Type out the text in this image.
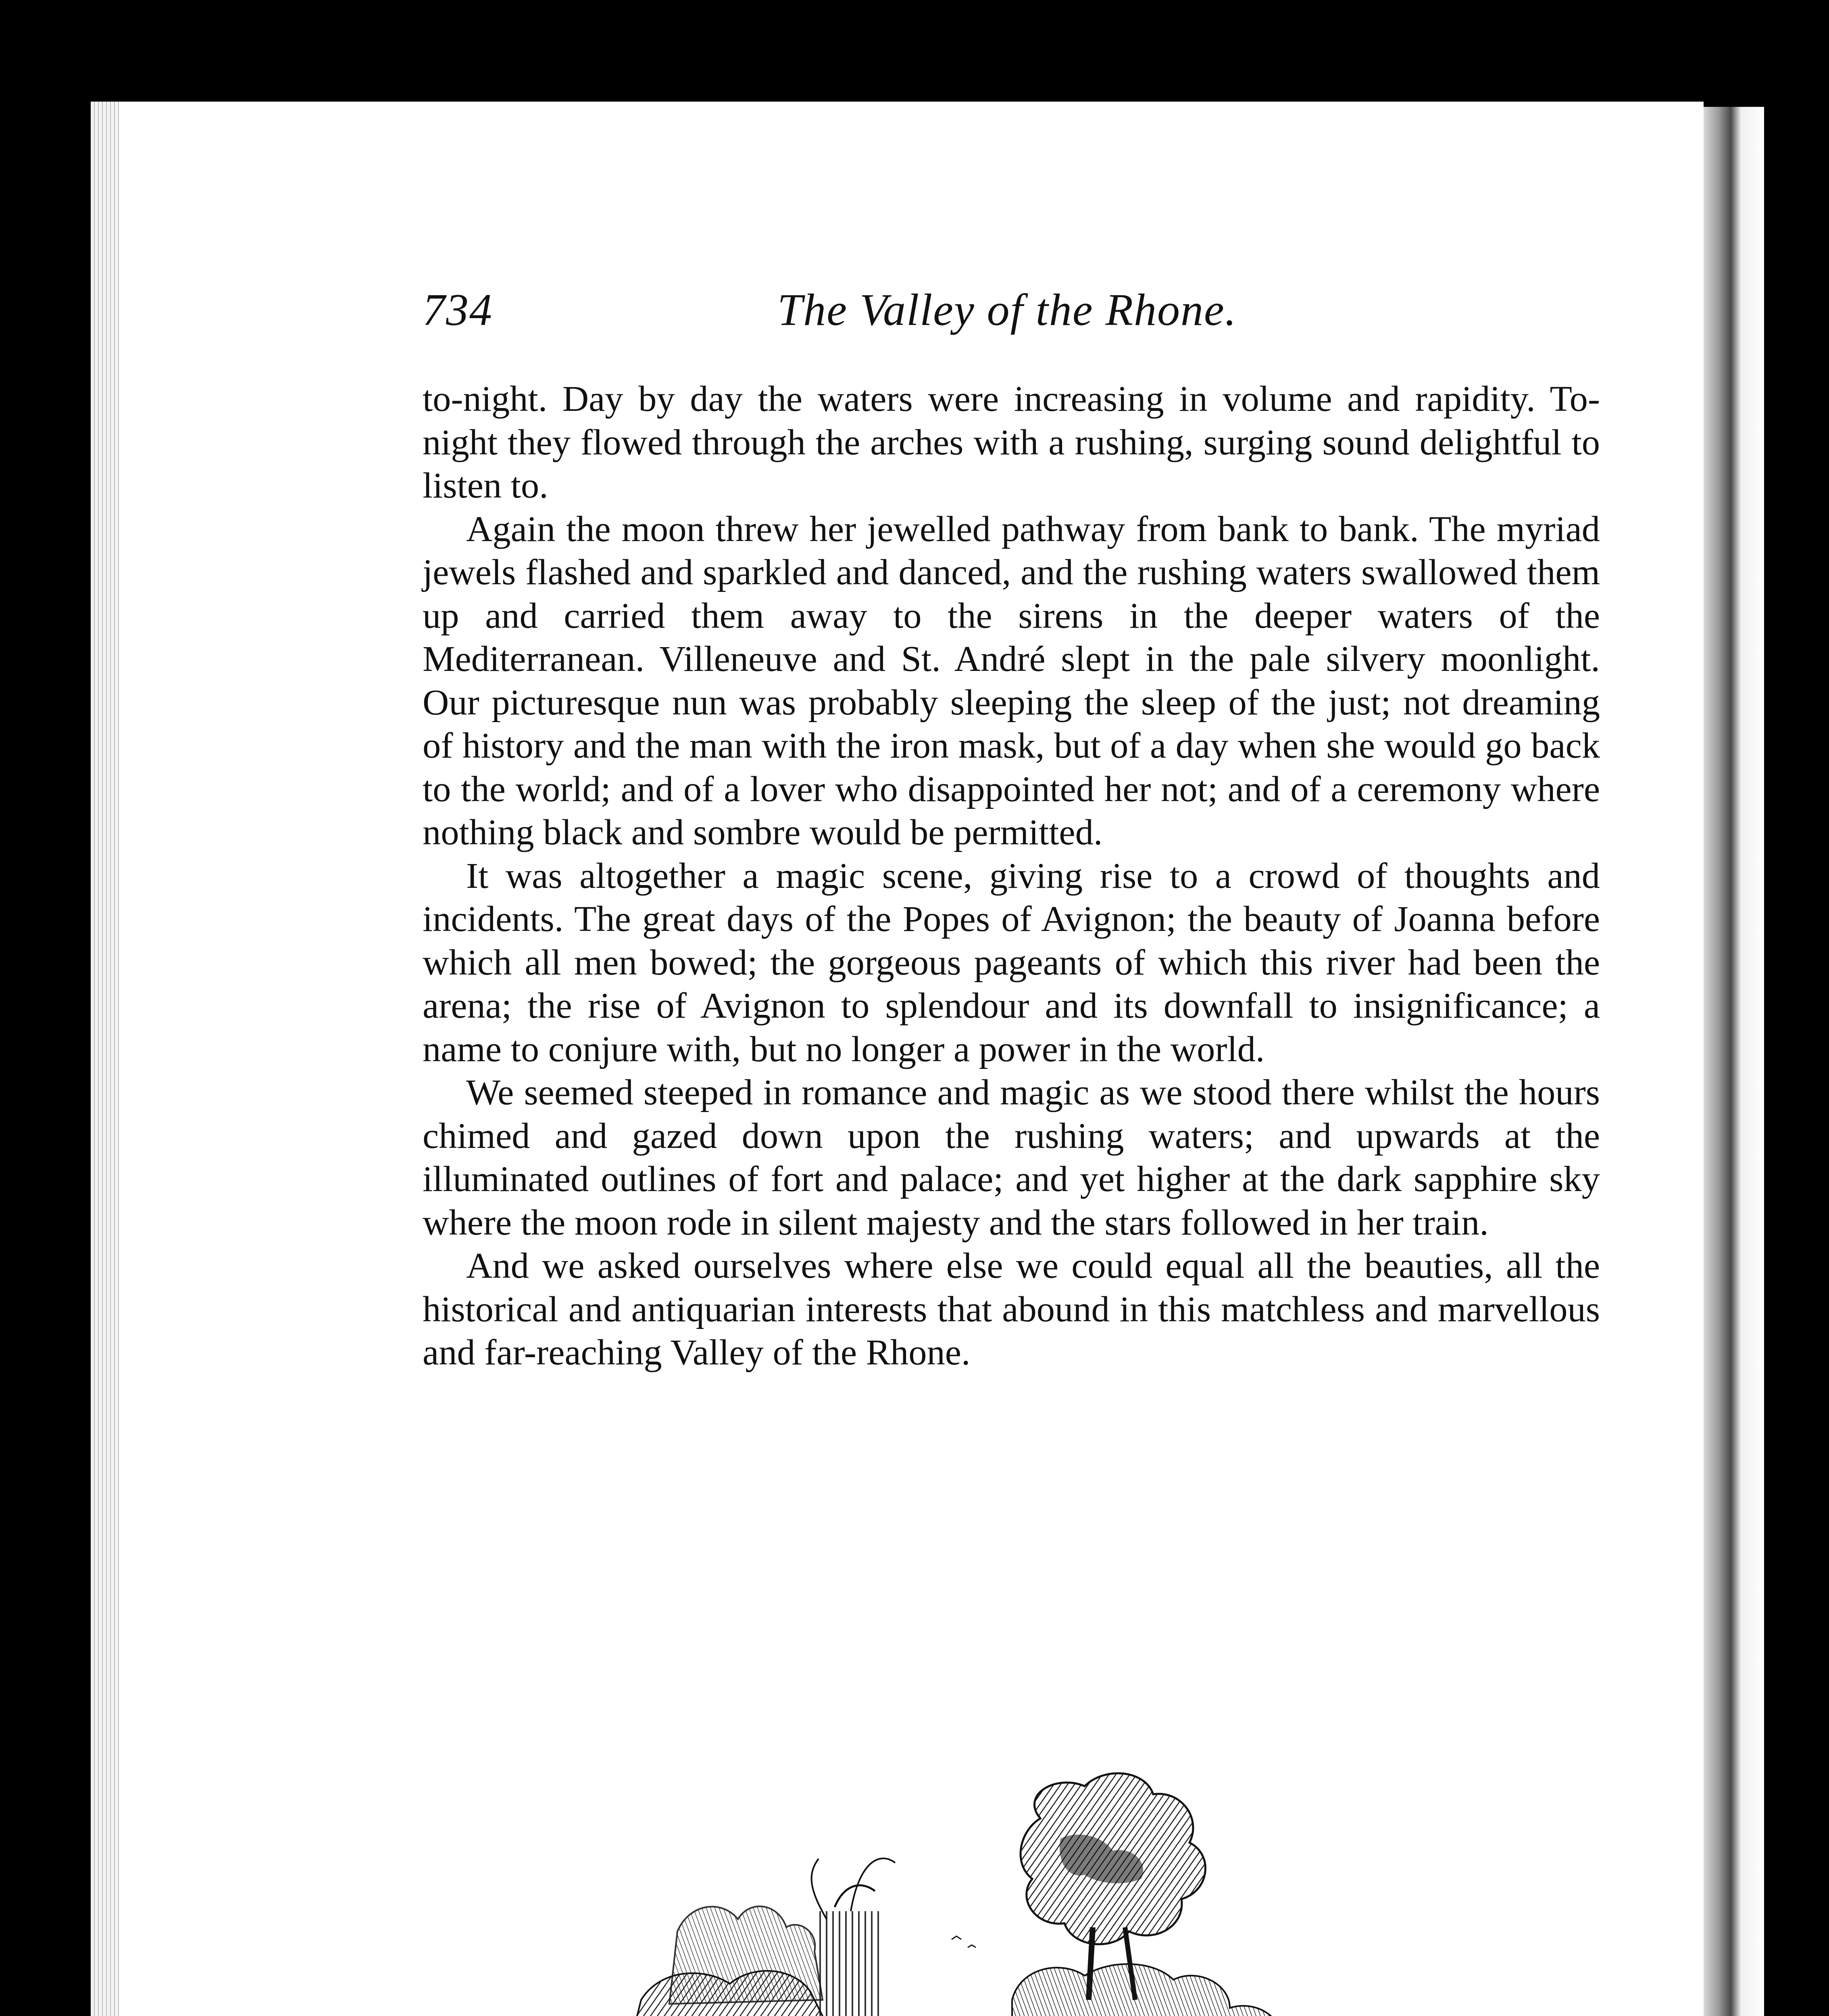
734	The Valley of the Rhone.

to-night. Day by day the waters were increasing in volume and rapidity. To-night they flowed through the arches with a rushing, surging sound delightful to listen to.

Again the moon threw her jewelled pathway from bank to bank. The myriad jewels flashed and sparkled and danced, and the rushing waters swallowed them up and carried them away to the sirens in the deeper waters of the Mediterranean. Villeneuve and St. André slept in the pale silvery moonlight. Our picturesque nun was probably sleeping the sleep of the just; not dreaming of history and the man with the iron mask, but of a day when she would go back to the world; and of a lover who disappointed her not; and of a ceremony where nothing black and sombre would be permitted.

It was altogether a magic scene, giving rise to a crowd of thoughts and incidents. The great days of the Popes of Avignon; the beauty of Joanna before which all men bowed; the gorgeous pageants of which this river had been the arena; the rise of Avignon to splendour and its downfall to insignificance; a name to conjure with, but no longer a power in the world.

We seemed steeped in romance and magic as we stood there whilst the hours chimed and gazed down upon the rushing waters; and upwards at the illuminated outlines of fort and palace; and yet higher at the dark sapphire sky where the moon rode in silent majesty and the stars followed in her train.

And we asked ourselves where else we could equal all the beauties, all the historical and antiquarian interests that abound in this matchless and marvellous and far-reaching Valley of the Rhone.
